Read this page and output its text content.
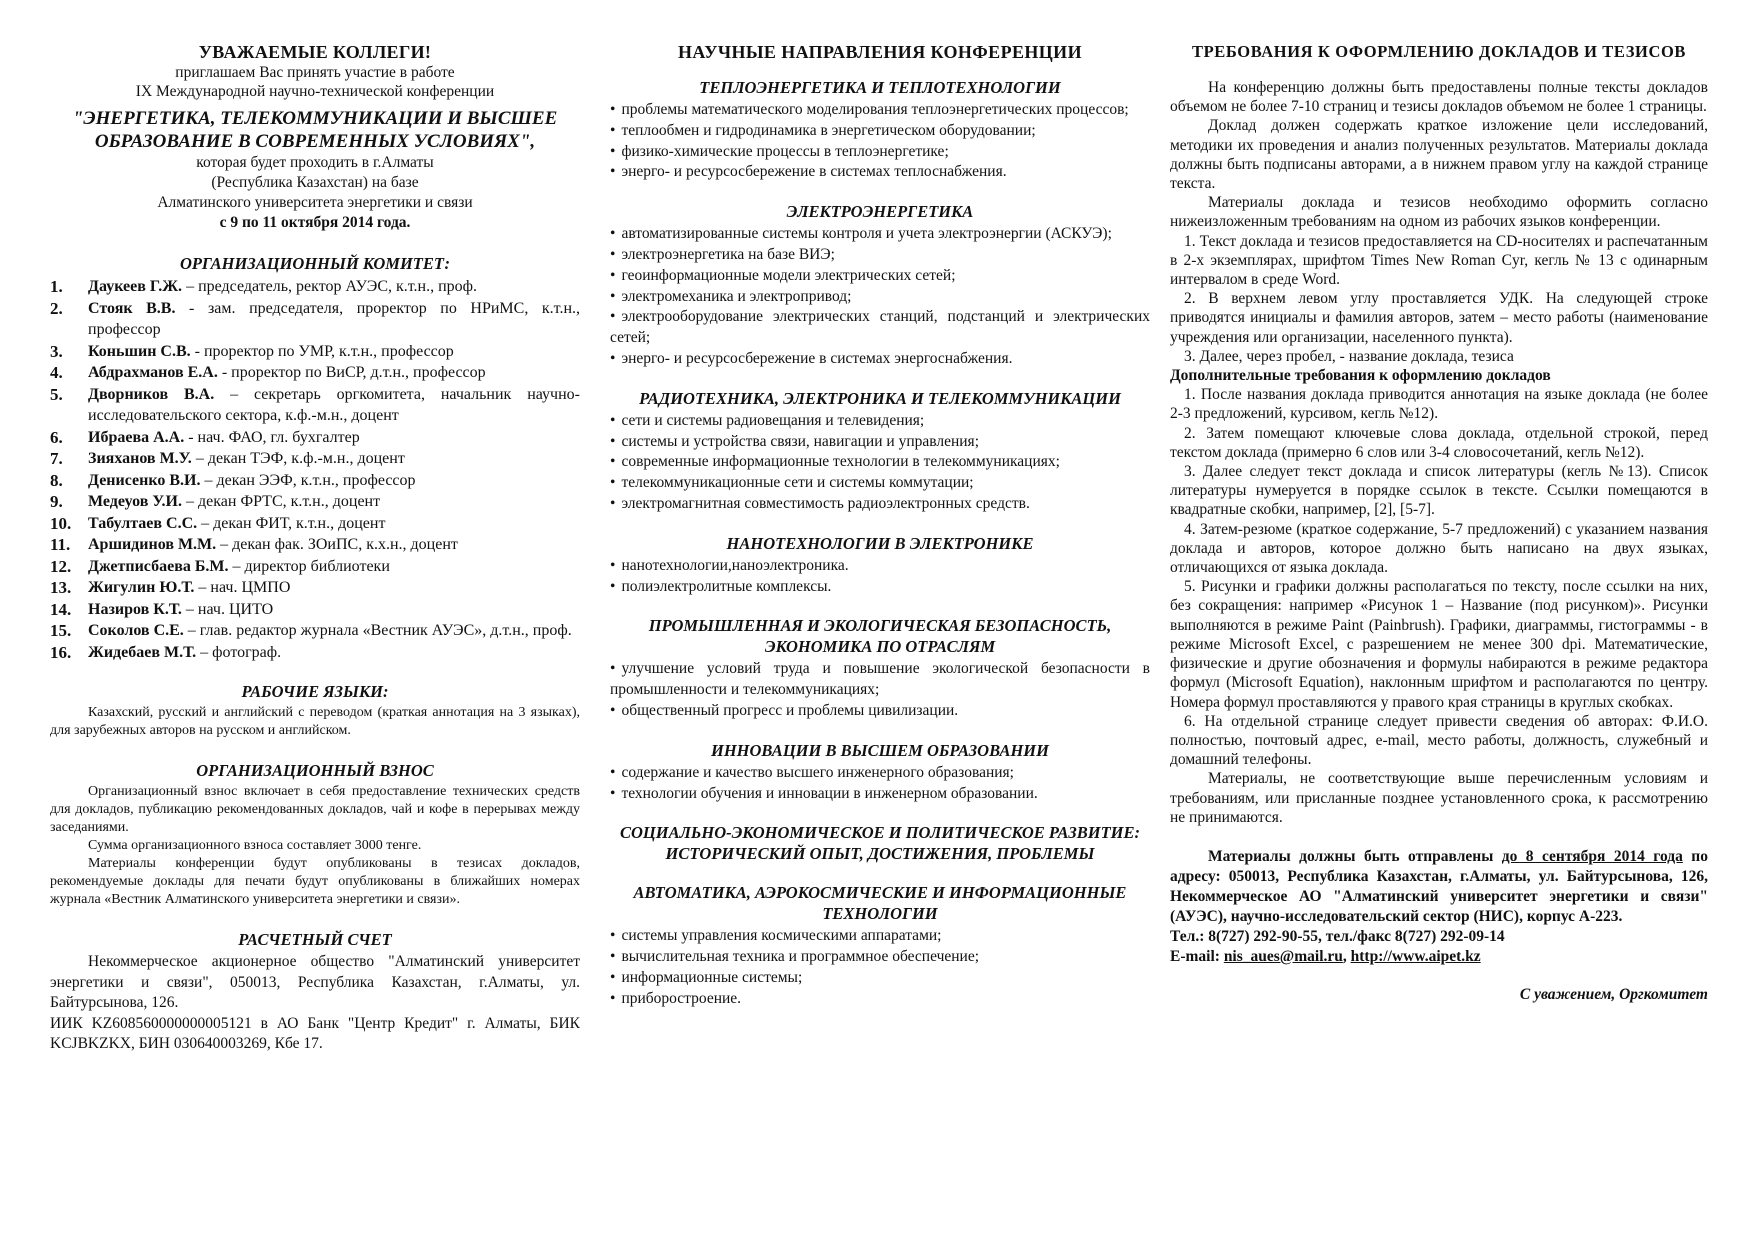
УВАЖАЕМЫЕ КОЛЛЕГИ!

приглашаем Вас принять участие в работе

IX Международной научно-технической конференции

"ЭНЕРГЕТИКА, ТЕЛЕКОММУНИКАЦИИ И ВЫСШЕЕ ОБРАЗОВАНИЕ В СОВРЕМЕННЫХ УСЛОВИЯХ",

которая будет проходить в г.Алматы

(Республика Казахстан) на базе

Алматинского университета энергетики и связи

с 9 по 11 октября 2014 года.

ОРГАНИЗАЦИОННЫЙ КОМИТЕТ:

1.	Даукеев Г.Ж. – председатель, ректор АУЭС, к.т.н., проф.
2.	Стояк В.В. - зам. председателя, проректор по НРиМС, к.т.н., профессор
3.	Коньшин С.В. - проректор по УМР, к.т.н., профессор
4.	Абдрахманов Е.А. - проректор по ВиСР, д.т.н., профессор
5.	Дворников В.А. – секретарь оргкомитета, начальник научно-исследовательского сектора, к.ф.-м.н., доцент
6.	Ибраева А.А. - нач. ФАО, гл. бухгалтер
7.	Зияханов М.У. – декан ТЭФ, к.ф.-м.н., доцент
8.	Денисенко В.И. – декан ЭЭФ, к.т.н., профессор
9.	Медеуов У.И. – декан ФРТС, к.т.н., доцент
10.	Табултаев С.С. – декан ФИТ, к.т.н., доцент
11.	Аршидинов М.М. – декан фак. ЗОиПС, к.х.н., доцент
12.	Джетписбаева Б.М. – директор библиотеки
13.	Жигулин Ю.Т. – нач. ЦМПО
14.	Назиров К.Т. – нач. ЦИТО
15.	Соколов С.Е. – глав. редактор журнала «Вестник АУЭС», д.т.н., проф.
16.	Жидебаев М.Т. – фотограф.

РАБОЧИЕ ЯЗЫКИ:

Казахский, русский и английский с переводом (краткая аннотация на 3 языках), для зарубежных авторов на русском и английском.

ОРГАНИЗАЦИОННЫЙ ВЗНОС

Организационный взнос включает в себя предоставление технических средств для докладов, публикацию рекомендованных докладов, чай и кофе в перерывах между заседаниями.

Сумма организационного взноса составляет 3000 тенге.

Материалы конференции будут опубликованы в тезисах докладов, рекомендуемые доклады для печати будут опубликованы в ближайших номерах журнала «Вестник Алматинского университета энергетики и связи».

РАСЧЕТНЫЙ СЧЕТ

Некоммерческое акционерное общество "Алматинский университет энергетики и связи", 050013, Республика Казахстан, г.Алматы, ул. Байтурсынова, 126.

ИИК KZ608560000000005121 в АО Банк "Центр Кредит" г. Алматы, БИК KCJBKZKX, БИН 030640003269, Кбе 17.

НАУЧНЫЕ НАПРАВЛЕНИЯ КОНФЕРЕНЦИИ

ТЕПЛОЭНЕРГЕТИКА И ТЕПЛОТЕХНОЛОГИИ

• проблемы математического моделирования теплоэнергетических процессов;
• теплообмен и гидродинамика в энергетическом оборудовании;
• физико-химические процессы в теплоэнергетике;
• энерго- и ресурсосбережение в системах теплоснабжения.

ЭЛЕКТРОЭНЕРГЕТИКА

• автоматизированные системы контроля и учета электроэнергии (АСКУЭ);
• электроэнергетика на базе ВИЭ;
• геоинформационные модели электрических сетей;
• электромеханика и электропривод;
• электрооборудование электрических станций, подстанций и электрических сетей;
• энерго- и ресурсосбережение в системах энергоснабжения.

РАДИОТЕХНИКА, ЭЛЕКТРОНИКА И ТЕЛЕКОММУНИКАЦИИ

• сети и системы радиовещания и телевидения;
• системы и устройства связи, навигации и управления;
• современные информационные технологии в телекоммуникациях;
• телекоммуникационные сети и системы коммутации;
• электромагнитная совместимость радиоэлектронных средств.

НАНОТЕХНОЛОГИИ В ЭЛЕКТРОНИКЕ

• нанотехнологии,наноэлектроника.
• полиэлектролитные комплексы.

ПРОМЫШЛЕННАЯ И ЭКОЛОГИЧЕСКАЯ БЕЗОПАСНОСТЬ, ЭКОНОМИКА ПО ОТРАСЛЯМ

• улучшение условий труда и повышение экологической безопасности в промышленности и телекоммуникациях;
• общественный прогресс и проблемы цивилизации.

ИННОВАЦИИ В ВЫСШЕМ ОБРАЗОВАНИИ

• содержание и качество высшего инженерного образования;
• технологии обучения и инновации в инженерном образовании.

СОЦИАЛЬНО-ЭКОНОМИЧЕСКОЕ И ПОЛИТИЧЕСКОЕ РАЗВИТИЕ: ИСТОРИЧЕСКИЙ ОПЫТ, ДОСТИЖЕНИЯ, ПРОБЛЕМЫ

АВТОМАТИКА, АЭРОКОСМИЧЕСКИЕ И ИНФОРМАЦИОННЫЕ ТЕХНОЛОГИИ

• системы управления космическими аппаратами;
• вычислительная техника и программное обеспечение;
• информационные системы;
• приборостроение.

ТРЕБОВАНИЯ К ОФОРМЛЕНИЮ ДОКЛАДОВ И ТЕЗИСОВ

На конференцию должны быть предоставлены полные тексты докладов объемом не более 7-10 страниц и тезисы докладов объемом не более 1 страницы.

Доклад должен содержать краткое изложение цели исследований, методики их проведения и анализ полученных результатов. Материалы доклада должны быть подписаны авторами, а в нижнем правом углу на каждой странице текста.

Материалы доклада и тезисов необходимо оформить согласно нижеизложенным требованиям на одном из рабочих языков конференции.

1. Текст доклада и тезисов предоставляется на CD-носителях и распечатанным в 2-х экземплярах, шрифтом Times New Roman Cyr, кегль № 13 с одинарным интервалом в среде Word.

2. В верхнем левом углу проставляется УДК. На следующей строке приводятся инициалы и фамилия авторов, затем – место работы (наименование учреждения или организации, населенного пункта).

3. Далее, через пробел, - название доклада, тезиса

Дополнительные требования к оформлению докладов

1. После названия доклада приводится аннотация на языке доклада (не более 2-3 предложений, курсивом, кегль №12).

2. Затем помещают ключевые слова доклада, отдельной строкой, перед текстом доклада (примерно 6 слов или 3-4 словосочетаний, кегль №12).

3. Далее следует текст доклада и список литературы (кегль №13). Список литературы нумеруется в порядке ссылок в тексте. Ссылки помещаются в квадратные скобки, например, [2], [5-7].

4. Затем-резюме (краткое содержание, 5-7 предложений) с указанием названия доклада и авторов, которое должно быть написано на двух языках, отличающихся от языка доклада.

5. Рисунки и графики должны располагаться по тексту, после ссылки на них, без сокращения: например «Рисунок 1 – Название (под рисунком)». Рисунки выполняются в режиме Paint (Painbrush). Графики, диаграммы, гистограммы - в режиме Microsoft Excel, с разрешением не менее 300 dpi. Математические, физические и другие обозначения и формулы набираются в режиме редактора формул (Microsoft Equation), наклонным шрифтом и располагаются по центру. Номера формул проставляются у правого края страницы в круглых скобках.

6. На отдельной странице следует привести сведения об авторах: Ф.И.О. полностью, почтовый адрес, e-mail, место работы, должность, служебный и домашний телефоны.

Материалы, не соответствующие выше перечисленным условиям и требованиям, или присланные позднее установленного срока, к рассмотрению не принимаются.

Материалы должны быть отправлены до 8 сентября 2014 года по адресу: 050013, Республика Казахстан, г.Алматы, ул. Байтурсынова, 126, Некоммерческое АО "Алматинский университет энергетики и связи" (АУЭС), научно-исследовательский сектор (НИС), корпус А-223.

Тел.: 8(727) 292-90-55, тел./факс 8(727) 292-09-14

E-mail: nis_aues@mail.ru, http://www.aipet.kz

С уважением, Оргкомитет
